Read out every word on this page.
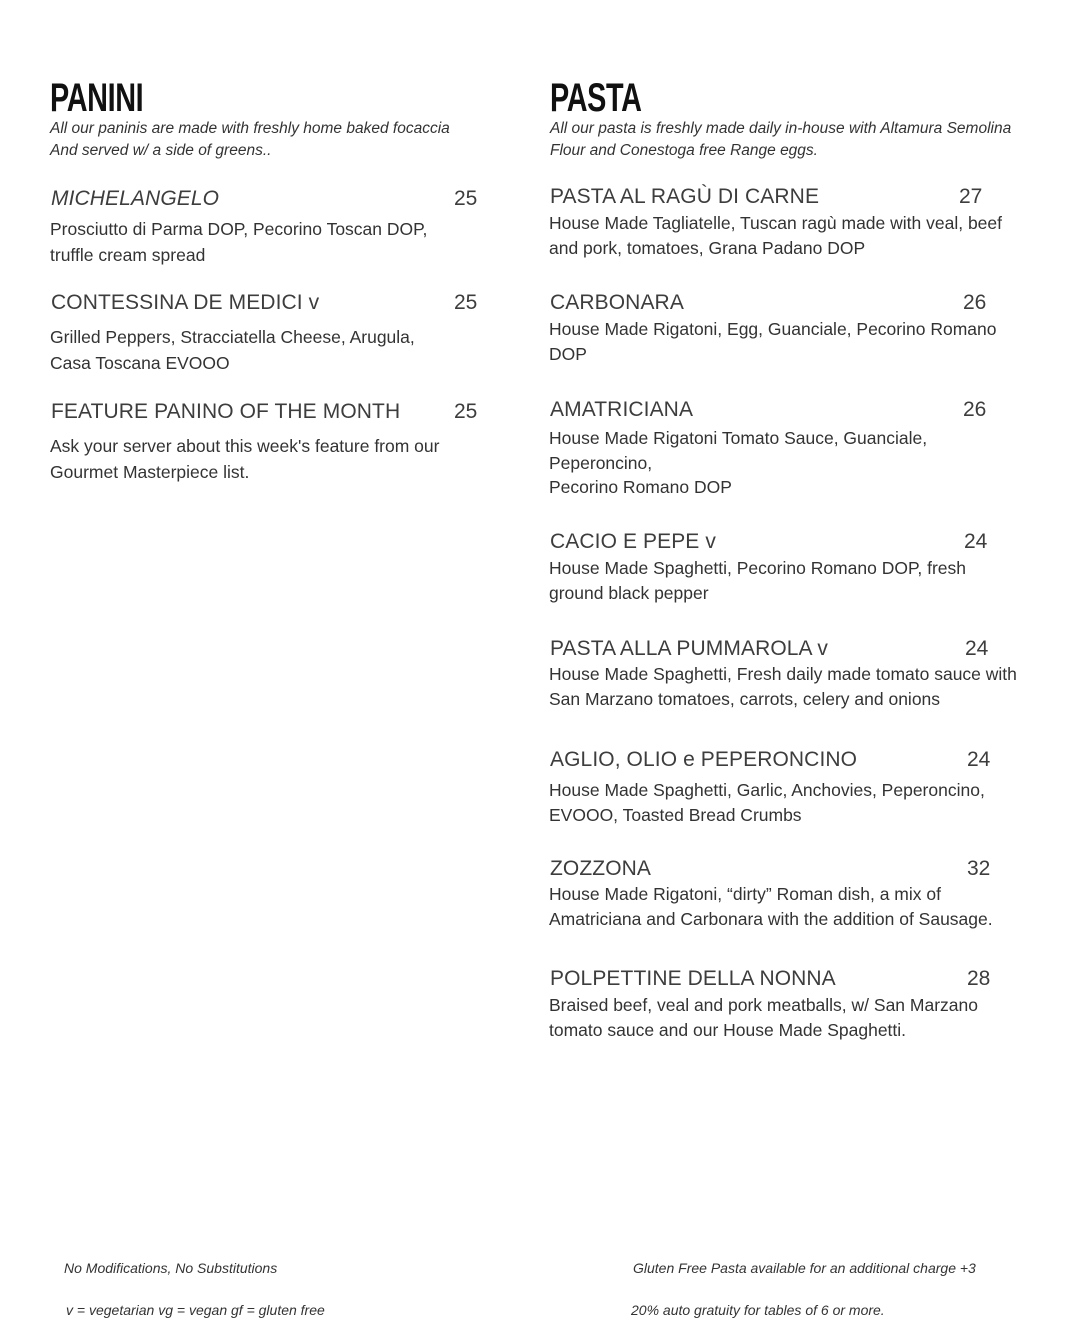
PANINI

All our paninis are made with freshly home baked focaccia
And served w/ a side of greens..

MICHELANGELO	25
Prosciutto di Parma DOP, Pecorino Toscan DOP,
truffle cream spread
CONTESSINA DE MEDICI v	25
Grilled Peppers, Stracciatella Cheese, Arugula,
Casa Toscana EVOOO
FEATURE PANINO OF THE MONTH	25
Ask your server about this week's feature from our
Gourmet Masterpiece list.
PASTA

All our pasta is freshly made daily in-house with Altamura Semolina
Flour and Conestoga free Range eggs.

PASTA AL RAGÙ DI CARNE	27
House Made Tagliatelle, Tuscan ragù made with veal, beef
and pork, tomatoes, Grana Padano DOP
CARBONARA	26
House Made Rigatoni, Egg, Guanciale, Pecorino Romano
DOP
AMATRICIANA	26
House Made Rigatoni Tomato Sauce, Guanciale,
Peperoncino,
Pecorino Romano DOP
CACIO E PEPE v	24
House Made Spaghetti, Pecorino Romano DOP, fresh
ground black pepper
PASTA ALLA PUMMAROLA v	24
House Made Spaghetti, Fresh daily made tomato sauce with
San Marzano tomatoes, carrots, celery and onions
AGLIO, OLIO e PEPERONCINO	24
House Made Spaghetti, Garlic, Anchovies, Peperoncino,
EVOOO, Toasted Bread Crumbs
ZOZZONA	32
House Made Rigatoni, “dirty” Roman dish, a mix of
Amatriciana and Carbonara with the addition of Sausage.
POLPETTINE DELLA NONNA	28
Braised beef, veal and pork meatballs, w/ San Marzano
tomato sauce and our House Made Spaghetti.
No Modifications, No Substitutions
v = vegetarian vg = vegan gf = gluten free
Gluten Free Pasta available for an additional charge +3
20% auto gratuity for tables of 6 or more.
